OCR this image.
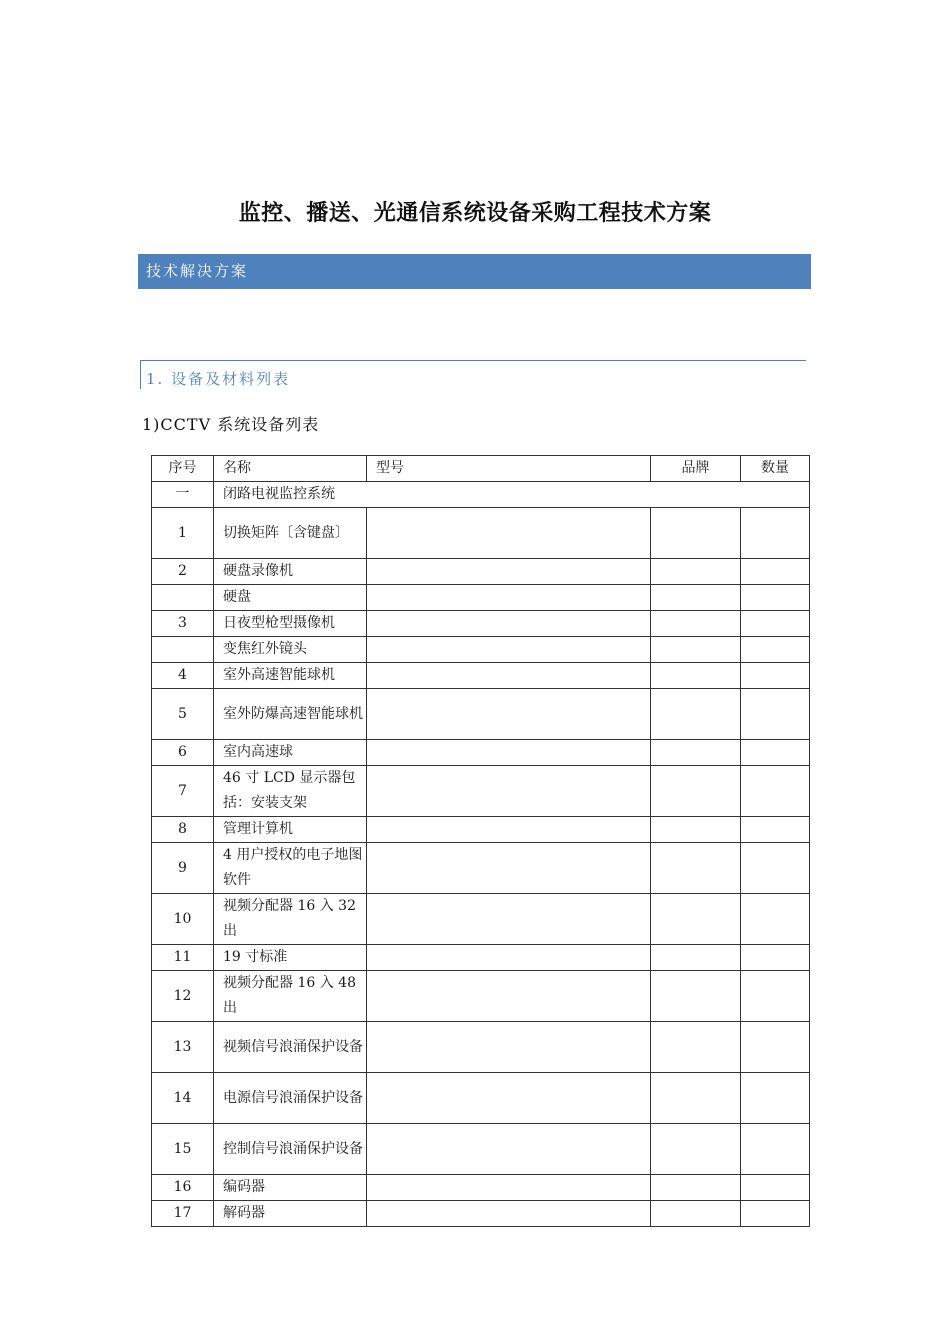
监控、播送、光通信系统设备采购工程技术方案
技术解决方案
1. 设备及材料列表
1)CCTV 系统设备列表
序号	名称	型号	品牌	数量
一	闭路电视监控系统			
1	切换矩阵〔含键盘〕			
2	硬盘录像机			
	硬盘			
3	日夜型枪型摄像机			
	变焦红外镜头			
4	室外高速智能球机			
5	室外防爆高速智能球机			
6	室内高速球			
7	46 寸 LCD 显示器包括：安装支架			
8	管理计算机			
9	4 用户授权的电子地图软件			
10	视频分配器 16 入 32 出			
11	19 寸标准			
12	视频分配器 16 入 48 出			
13	视频信号浪涌保护设备			
14	电源信号浪涌保护设备			
15	控制信号浪涌保护设备			
16	编码器			
17	解码器			
